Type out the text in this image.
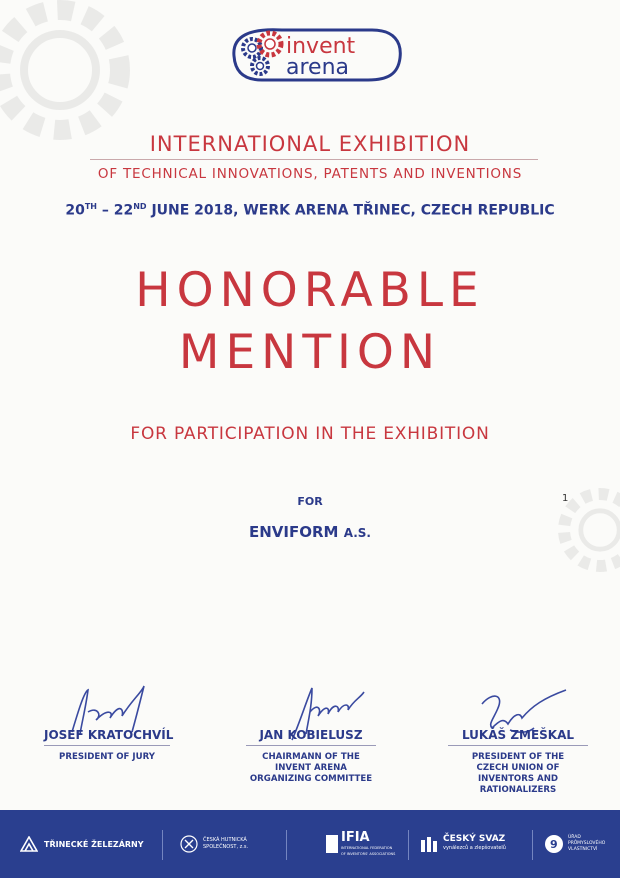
invent
arena
INTERNATIONAL EXHIBITION
OF TECHNICAL INNOVATIONS, PATENTS AND INVENTIONS
20TH – 22ND JUNE 2018, WERK ARENA TŘINEC, CZECH REPUBLIC
HONORABLE
MENTION
FOR PARTICIPATION IN THE EXHIBITION
FOR	1
ENVIFORM A.S.
JOSEF KRATOCHVÍL
PRESIDENT OF JURY
JAN KOBIELUSZ
CHAIRMANN OF THE
INVENT ARENA
ORGANIZING COMMITTEE
LUKÁŠ ZMEŠKAL
PRESIDENT OF THE
CZECH UNION OF
INVENTORS AND RATIONALIZERS
TŘINECKÉ ŽELEZÁRNY	ČESKÁ HUTNICKÁ
SPOLEČNOST, z.s.
IFIA
INTERNATIONAL FEDERATION
OF INVENTORS' ASSOCIATIONS
ČESKÝ SVAZ
vynálezců a zlepšovatelů	9
ÚŘAD
PRŮMYSLOVÉHO
VLASTNICTVÍ
